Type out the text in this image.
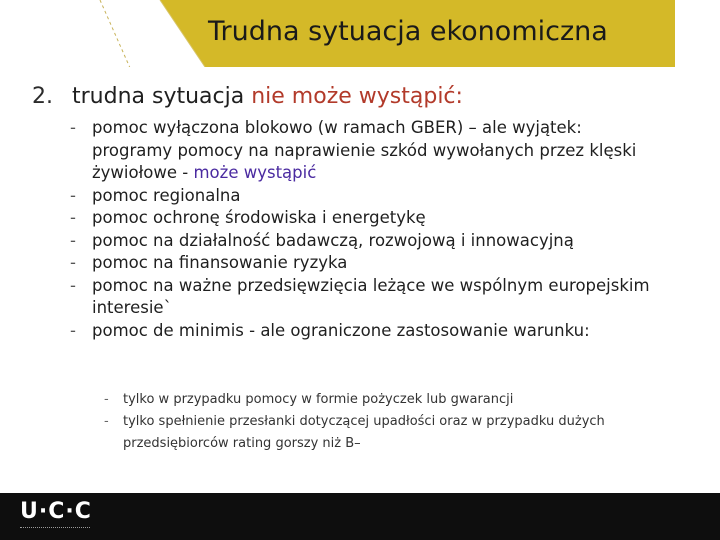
Trudna sytuacja ekonomiczna
2. trudna sytuacja nie może wystąpić:
- pomoc wyłączona blokowo (w ramach GBER) – ale wyjątek:
programy pomocy na naprawienie szkód wywołanych przez klęski
żywiołowe - może wystąpić
- pomoc regionalna
- pomoc ochronę środowiska i energetykę
- pomoc na działalność badawczą, rozwojową i innowacyjną
- pomoc na finansowanie ryzyka
- pomoc na ważne przedsięwzięcia leżące we wspólnym europejskim
interesie`
- pomoc de minimis - ale ograniczone zastosowanie warunku:
- tylko w przypadku pomocy w formie pożyczek lub gwarancji
- tylko spełnienie przesłanki dotyczącej upadłości oraz w przypadku dużych
przedsiębiorców rating gorszy niż B–
U·C·C
